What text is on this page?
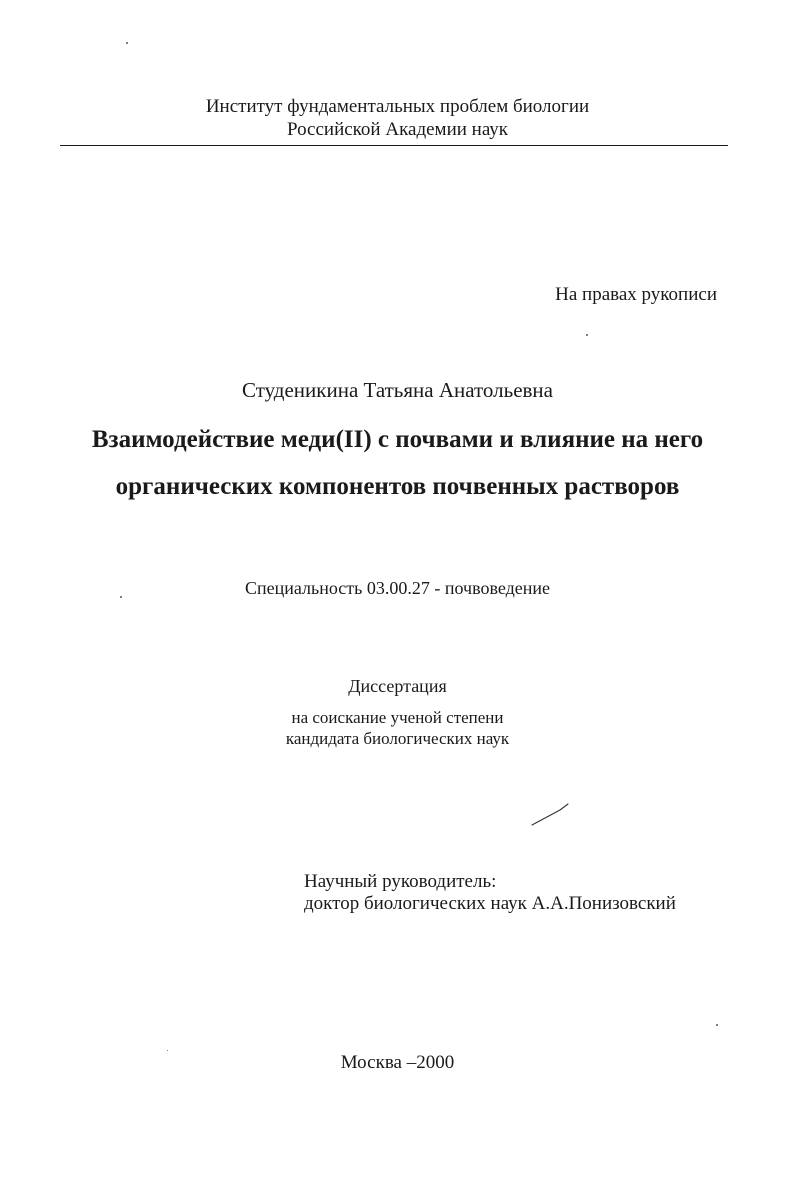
Институт фундаментальных проблем биологии
Российской Академии наук
На правах рукописи
Студеникина Татьяна Анатольевна
Взаимодействие меди(II) с почвами и влияние на него
органических компонентов почвенных растворов
Специальность 03.00.27 - почвоведение
Диссертация
на соискание ученой степени
кандидата биологических наук
Научный руководитель:
доктор биологических наук А.А.Понизовский
Москва –2000
